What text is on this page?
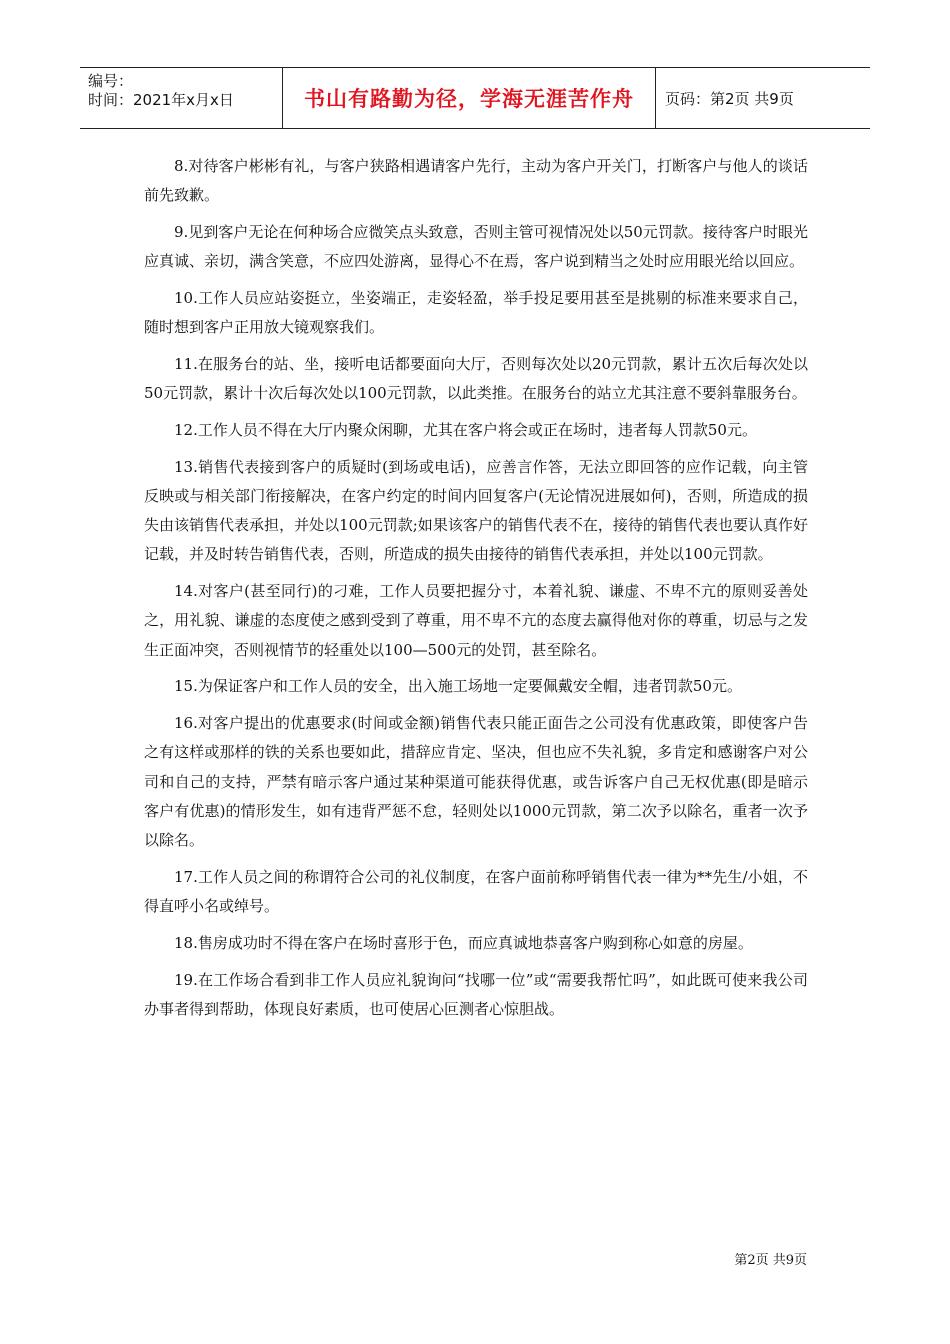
编号：
时间：2021年x月x日	书山有路勤为径，学海无涯苦作舟	页码：第2页 共9页

8.对待客户彬彬有礼，与客户狭路相遇请客户先行，主动为客户开关门，打断客户与他人的谈话前先致歉。

9.见到客户无论在何种场合应微笑点头致意，否则主管可视情况处以50元罚款。接待客户时眼光应真诚、亲切，满含笑意，不应四处游离，显得心不在焉，客户说到精当之处时应用眼光给以回应。

10.工作人员应站姿挺立，坐姿端正，走姿轻盈，举手投足要用甚至是挑剔的标准来要求自己，随时想到客户正用放大镜观察我们。

11.在服务台的站、坐，接听电话都要面向大厅，否则每次处以20元罚款，累计五次后每次处以50元罚款，累计十次后每次处以100元罚款，以此类推。在服务台的站立尤其注意不要斜靠服务台。

12.工作人员不得在大厅内聚众闲聊，尤其在客户将会或正在场时，违者每人罚款50元。

13.销售代表接到客户的质疑时(到场或电话)，应善言作答，无法立即回答的应作记载，向主管反映或与相关部门衔接解决，在客户约定的时间内回复客户(无论情况进展如何)，否则，所造成的损失由该销售代表承担，并处以100元罚款;如果该客户的销售代表不在，接待的销售代表也要认真作好记载，并及时转告销售代表，否则，所造成的损失由接待的销售代表承担，并处以100元罚款。

14.对客户(甚至同行)的刁难，工作人员要把握分寸，本着礼貌、谦虚、不卑不亢的原则妥善处之，用礼貌、谦虚的态度使之感到受到了尊重，用不卑不亢的态度去赢得他对你的尊重，切忌与之发生正面冲突，否则视情节的轻重处以100—500元的处罚，甚至除名。

15.为保证客户和工作人员的安全，出入施工场地一定要佩戴安全帽，违者罚款50元。

16.对客户提出的优惠要求(时间或金额)销售代表只能正面告之公司没有优惠政策，即使客户告之有这样或那样的铁的关系也要如此，措辞应肯定、坚决，但也应不失礼貌，多肯定和感谢客户对公司和自己的支持，严禁有暗示客户通过某种渠道可能获得优惠，或告诉客户自己无权优惠(即是暗示客户有优惠)的情形发生，如有违背严惩不怠，轻则处以1000元罚款，第二次予以除名，重者一次予以除名。

17.工作人员之间的称谓符合公司的礼仪制度，在客户面前称呼销售代表一律为**先生/小姐，不得直呼小名或绰号。

18.售房成功时不得在客户在场时喜形于色，而应真诚地恭喜客户购到称心如意的房屋。

19.在工作场合看到非工作人员应礼貌询问“找哪一位”或“需要我帮忙吗”，如此既可使来我公司办事者得到帮助，体现良好素质，也可使居心叵测者心惊胆战。

第2页 共9页
